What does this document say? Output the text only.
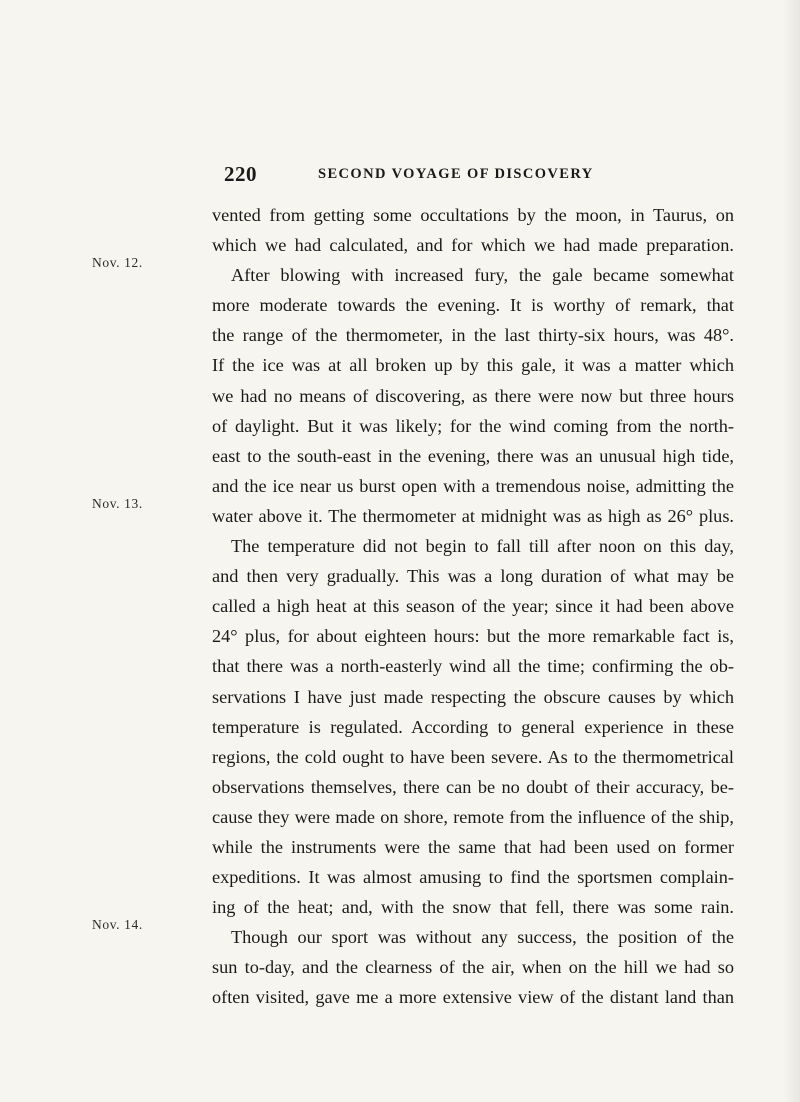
220	SECOND VOYAGE OF DISCOVERY
Nov. 12.
Nov. 13.
Nov. 14.
vented from getting some occultations by the moon, in Taurus, on
which we had calculated, and for which we had made preparation.
After blowing with increased fury, the gale became somewhat
more moderate towards the evening. It is worthy of remark, that
the range of the thermometer, in the last thirty-six hours, was 48°.
If the ice was at all broken up by this gale, it was a matter which
we had no means of discovering, as there were now but three hours
of daylight. But it was likely; for the wind coming from the north-
east to the south-east in the evening, there was an unusual high tide,
and the ice near us burst open with a tremendous noise, admitting the
water above it. The thermometer at midnight was as high as 26° plus.
The temperature did not begin to fall till after noon on this day,
and then very gradually. This was a long duration of what may be
called a high heat at this season of the year; since it had been above
24° plus, for about eighteen hours: but the more remarkable fact is,
that there was a north-easterly wind all the time; confirming the ob-
servations I have just made respecting the obscure causes by which
temperature is regulated. According to general experience in these
regions, the cold ought to have been severe. As to the thermometrical
observations themselves, there can be no doubt of their accuracy, be-
cause they were made on shore, remote from the influence of the ship,
while the instruments were the same that had been used on former
expeditions. It was almost amusing to find the sportsmen complain-
ing of the heat; and, with the snow that fell, there was some rain.
Though our sport was without any success, the position of the
sun to-day, and the clearness of the air, when on the hill we had so
often visited, gave me a more extensive view of the distant land than
